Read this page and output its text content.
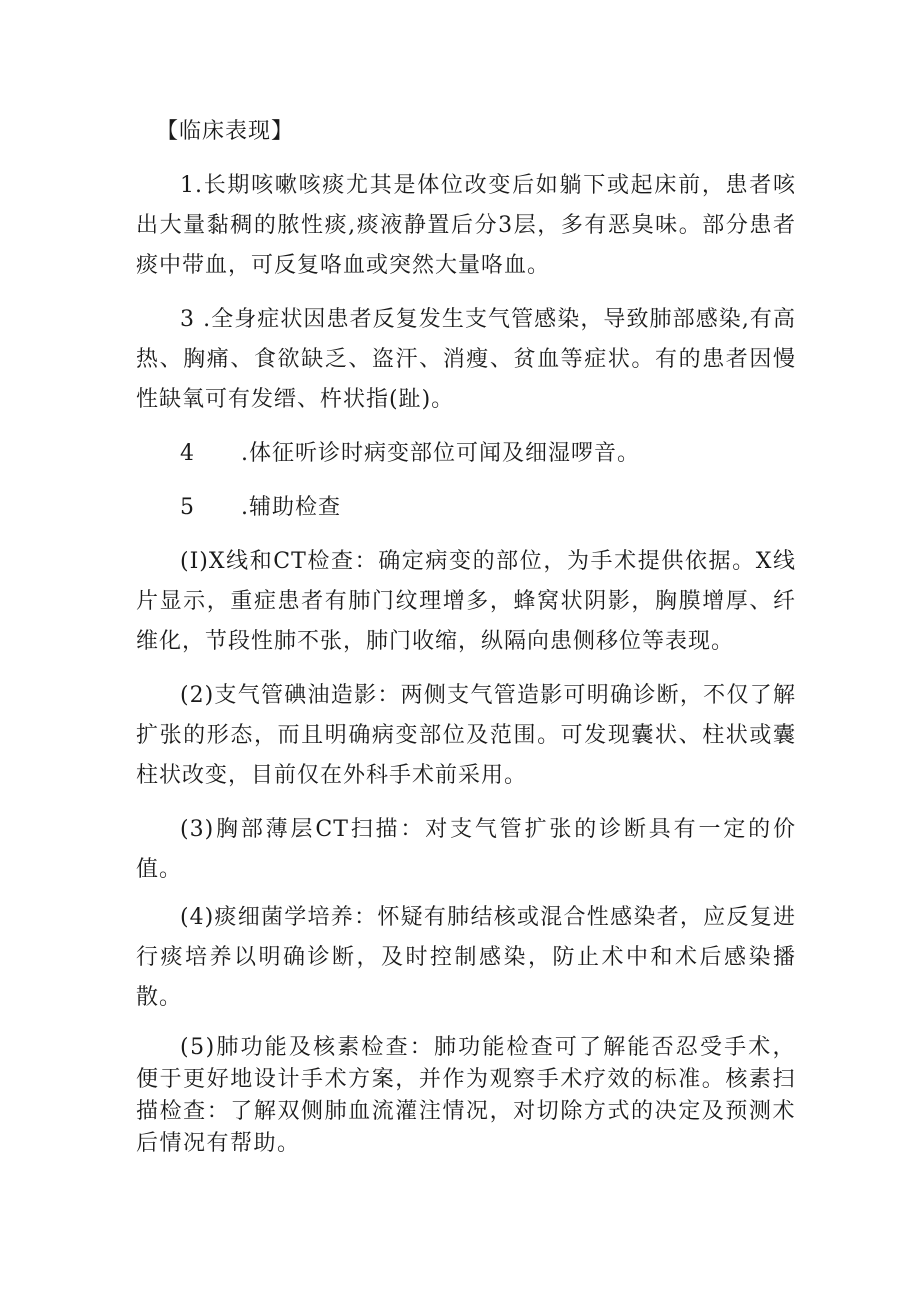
【临床表现】

1.长期咳嗽咳痰尤其是体位改变后如躺下或起床前，患者咳出大量黏稠的脓性痰,痰液静置后分3层，多有恶臭味。部分患者痰中带血，可反复咯血或突然大量咯血。

3 .全身症状因患者反复发生支气管感染，导致肺部感染,有高热、胸痛、食欲缺乏、盗汗、消瘦、贫血等症状。有的患者因慢性缺氧可有发缙、杵状指(趾)。

4　　.体征听诊时病变部位可闻及细湿啰音。

5　　.辅助检查

(I)X线和CT检查：确定病变的部位，为手术提供依据。X线片显示，重症患者有肺门纹理增多，蜂窝状阴影，胸膜增厚、纤维化，节段性肺不张，肺门收缩，纵隔向患侧移位等表现。

(2)支气管碘油造影：两侧支气管造影可明确诊断，不仅了解扩张的形态，而且明确病变部位及范围。可发现囊状、柱状或囊柱状改变，目前仅在外科手术前采用。

(3)胸部薄层CT扫描：对支气管扩张的诊断具有一定的价值。

(4)痰细菌学培养：怀疑有肺结核或混合性感染者，应反复进行痰培养以明确诊断，及时控制感染，防止术中和术后感染播散。

(5)肺功能及核素检查：肺功能检查可了解能否忍受手术，便于更好地设计手术方案，并作为观察手术疗效的标准。核素扫描检查：了解双侧肺血流灌注情况，对切除方式的决定及预测术后情况有帮助。
